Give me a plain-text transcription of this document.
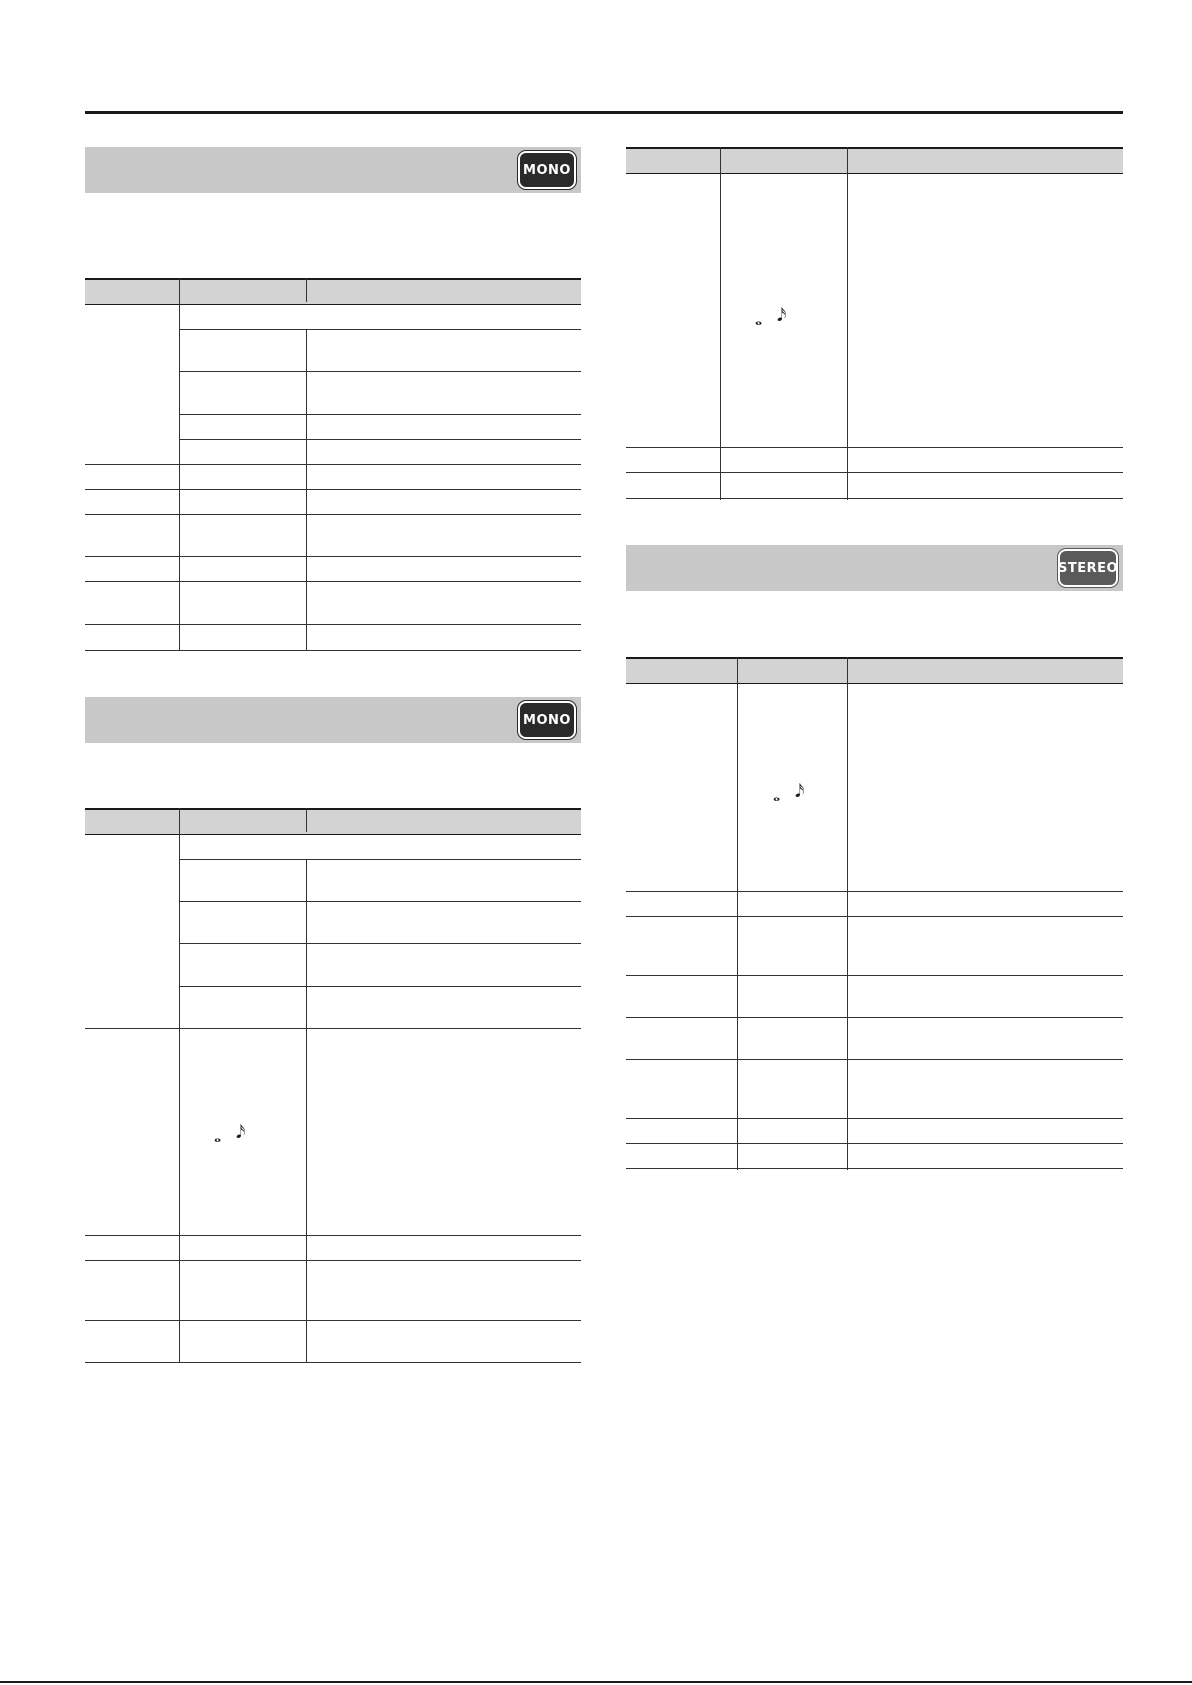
MONO
MONO
𝅝 𝅘𝅥𝅯
𝅝 𝅘𝅥𝅯
STEREO
𝅝 𝅘𝅥𝅯
